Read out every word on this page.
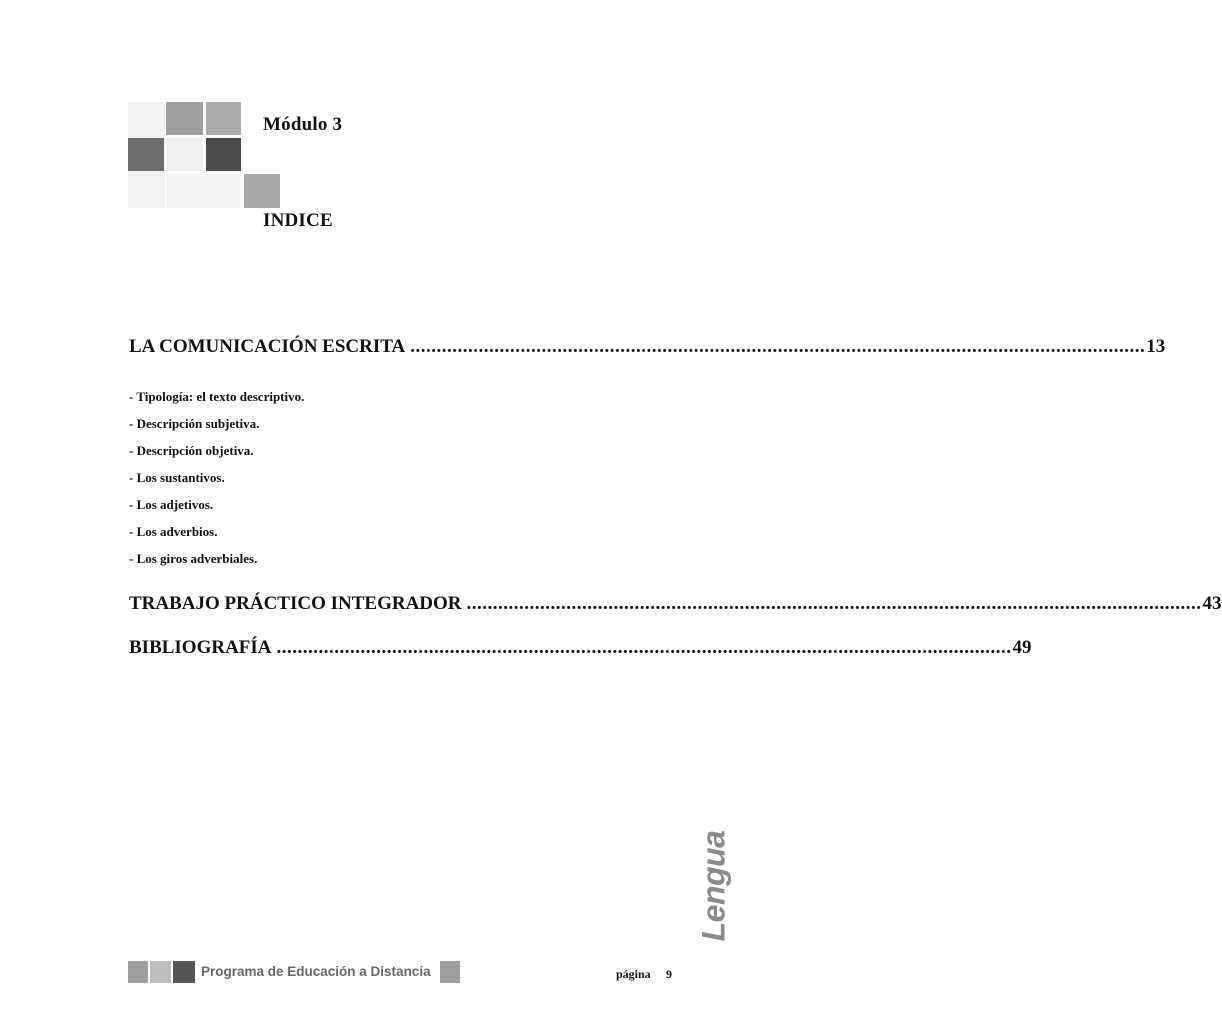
Módulo 3
INDICE
LA COMUNICACIÓN ESCRITA ............................................................................................................................................ 13
- Tipología: el texto descriptivo.
- Descripción subjetiva.
- Descripción objetiva.
- Los sustantivos.
- Los adjetivos.
- Los adverbios.
- Los giros adverbiales.
TRABAJO PRÁCTICO INTEGRADOR ............................................................................................................................................ 43
BIBLIOGRAFÍA ............................................................................................................................................ 49
Lengua
Programa de Educación a Distancia	página 9
